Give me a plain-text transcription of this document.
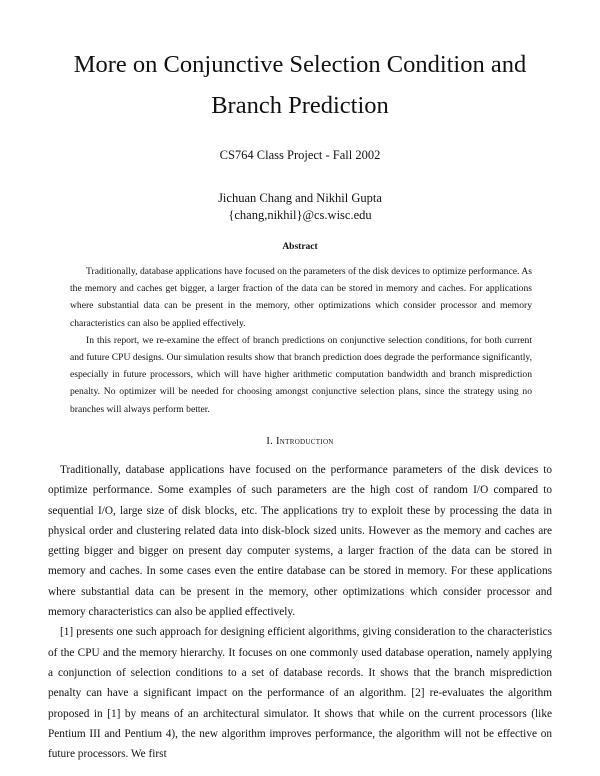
More on Conjunctive Selection Condition and
Branch Prediction
CS764 Class Project - Fall 2002
Jichuan Chang and Nikhil Gupta
{chang,nikhil}@cs.wisc.edu
Abstract

Traditionally, database applications have focused on the parameters of the disk devices to optimize performance. As the memory and caches get bigger, a larger fraction of the data can be stored in memory and caches. For applications where substantial data can be present in the memory, other optimizations which consider processor and memory characteristics can also be applied effectively.

In this report, we re-examine the effect of branch predictions on conjunctive selection conditions, for both current and future CPU designs. Our simulation results show that branch prediction does degrade the performance significantly, especially in future processors, which will have higher arithmetic computation bandwidth and branch misprediction penalty. No optimizer will be needed for choosing amongst conjunctive selection plans, since the strategy using no branches will always perform better.

I. Introduction

Traditionally, database applications have focused on the performance parameters of the disk devices to optimize performance. Some examples of such parameters are the high cost of random I/O compared to sequential I/O, large size of disk blocks, etc. The applications try to exploit these by processing the data in physical order and clustering related data into disk-block sized units. However as the memory and caches are getting bigger and bigger on present day computer systems, a larger fraction of the data can be stored in memory and caches. In some cases even the entire database can be stored in memory. For these applications where substantial data can be present in the memory, other optimizations which consider processor and memory characteristics can also be applied effectively.

[1] presents one such approach for designing efficient algorithms, giving consideration to the characteristics of the CPU and the memory hierarchy. It focuses on one commonly used database operation, namely applying a conjunction of selection conditions to a set of database records. It shows that the branch misprediction penalty can have a significant impact on the performance of an algorithm. [2] re-evaluates the algorithm proposed in [1] by means of an architectural simulator. It shows that while on the current processors (like Pentium III and Pentium 4), the new algorithm improves performance, the algorithm will not be effective on future processors. We first
